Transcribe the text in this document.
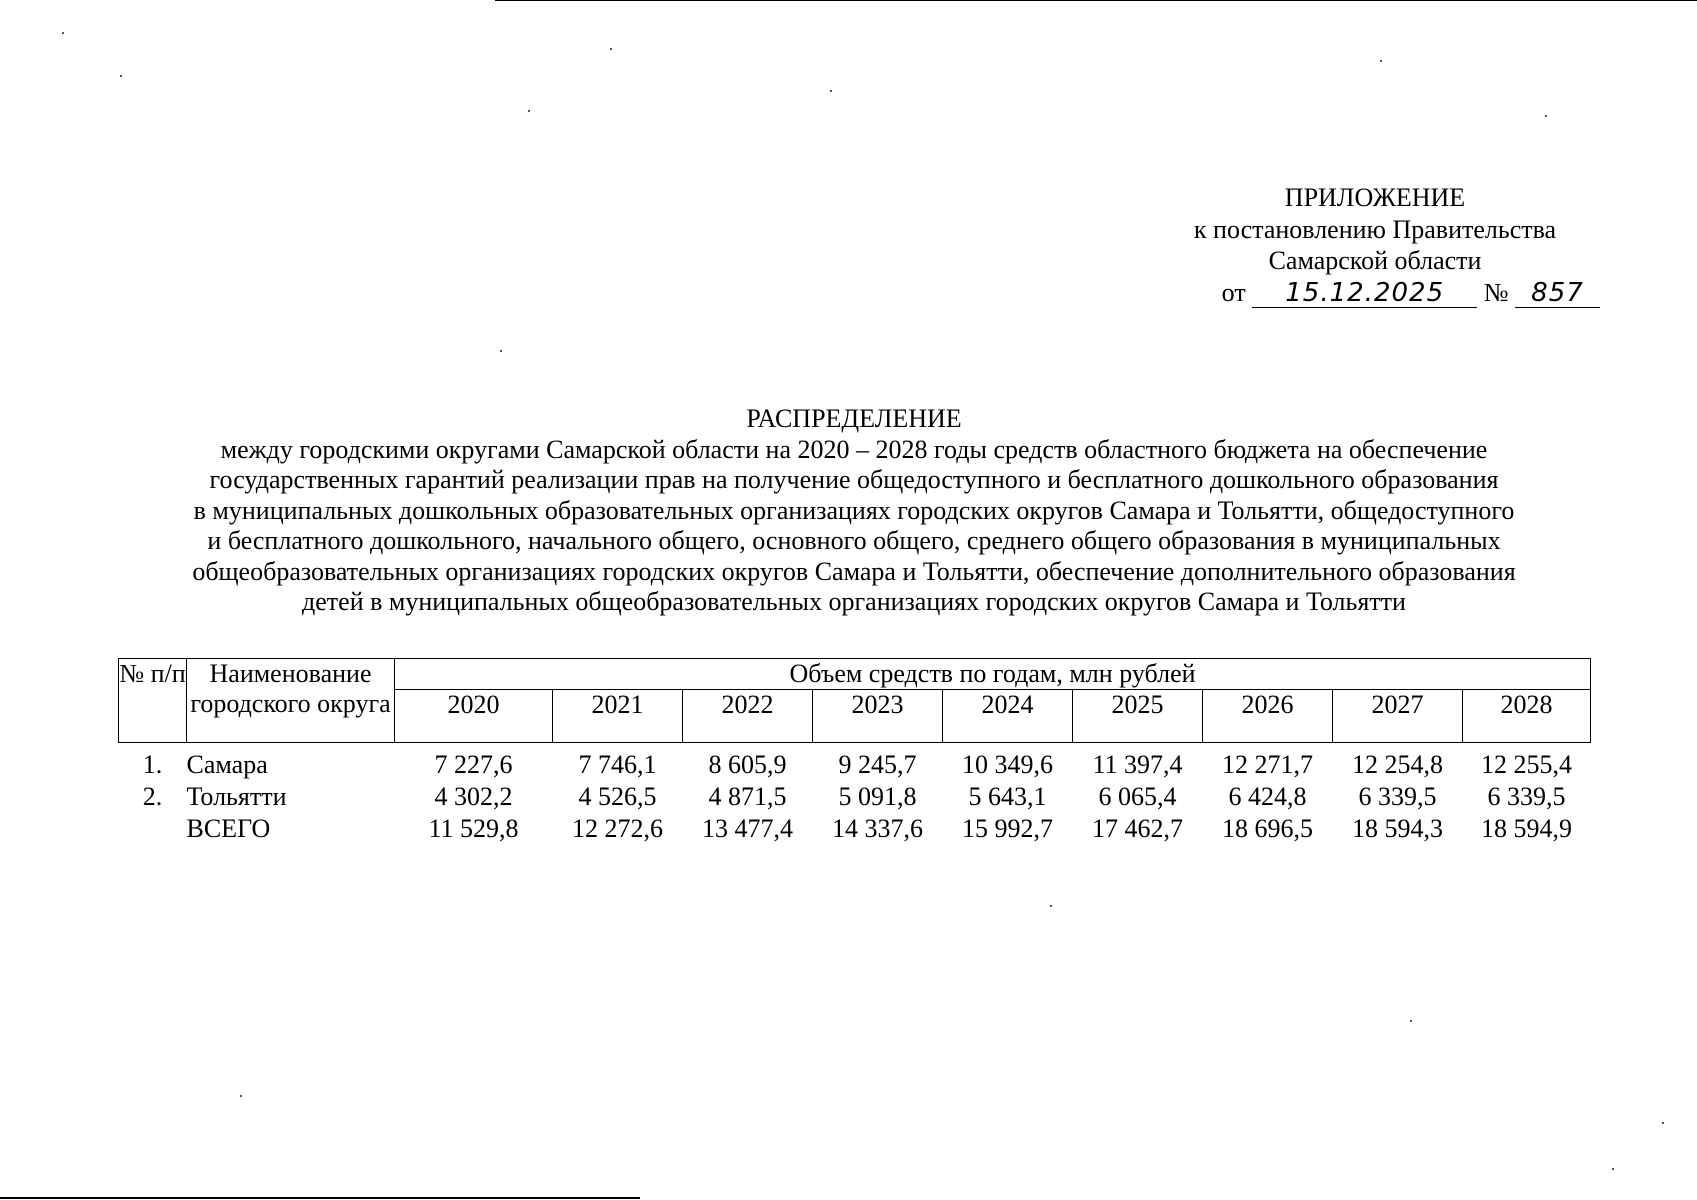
ПРИЛОЖЕНИЕ
к постановлению Правительства
Самарской области
от 15.12.2025 № 857
РАСПРЕДЕЛЕНИЕ
между городскими округами Самарской области на 2020 – 2028 годы средств областного бюджета на обеспечение
государственных гарантий реализации прав на получение общедоступного и бесплатного дошкольного образования
в муниципальных дошкольных образовательных организациях городских округов Самара и Тольятти, общедоступного
и бесплатного дошкольного, начального общего, основного общего, среднего общего образования в муниципальных
общеобразовательных организациях городских округов Самара и Тольятти, обеспечение дополнительного образования
детей в муниципальных общеобразовательных организациях городских округов Самара и Тольятти
№ п/п	Наименование городского округа	Объем средств по годам, млн рублей								
		2020	2021	2022	2023	2024	2025	2026	2027	2028
1.	Самара	7 227,6	7 746,1	8 605,9	9 245,7	10 349,6	11 397,4	12 271,7	12 254,8	12 255,4
2.	Тольятти	4 302,2	4 526,5	4 871,5	5 091,8	5 643,1	6 065,4	6 424,8	6 339,5	6 339,5
	ВСЕГО	11 529,8	12 272,6	13 477,4	14 337,6	15 992,7	17 462,7	18 696,5	18 594,3	18 594,9
